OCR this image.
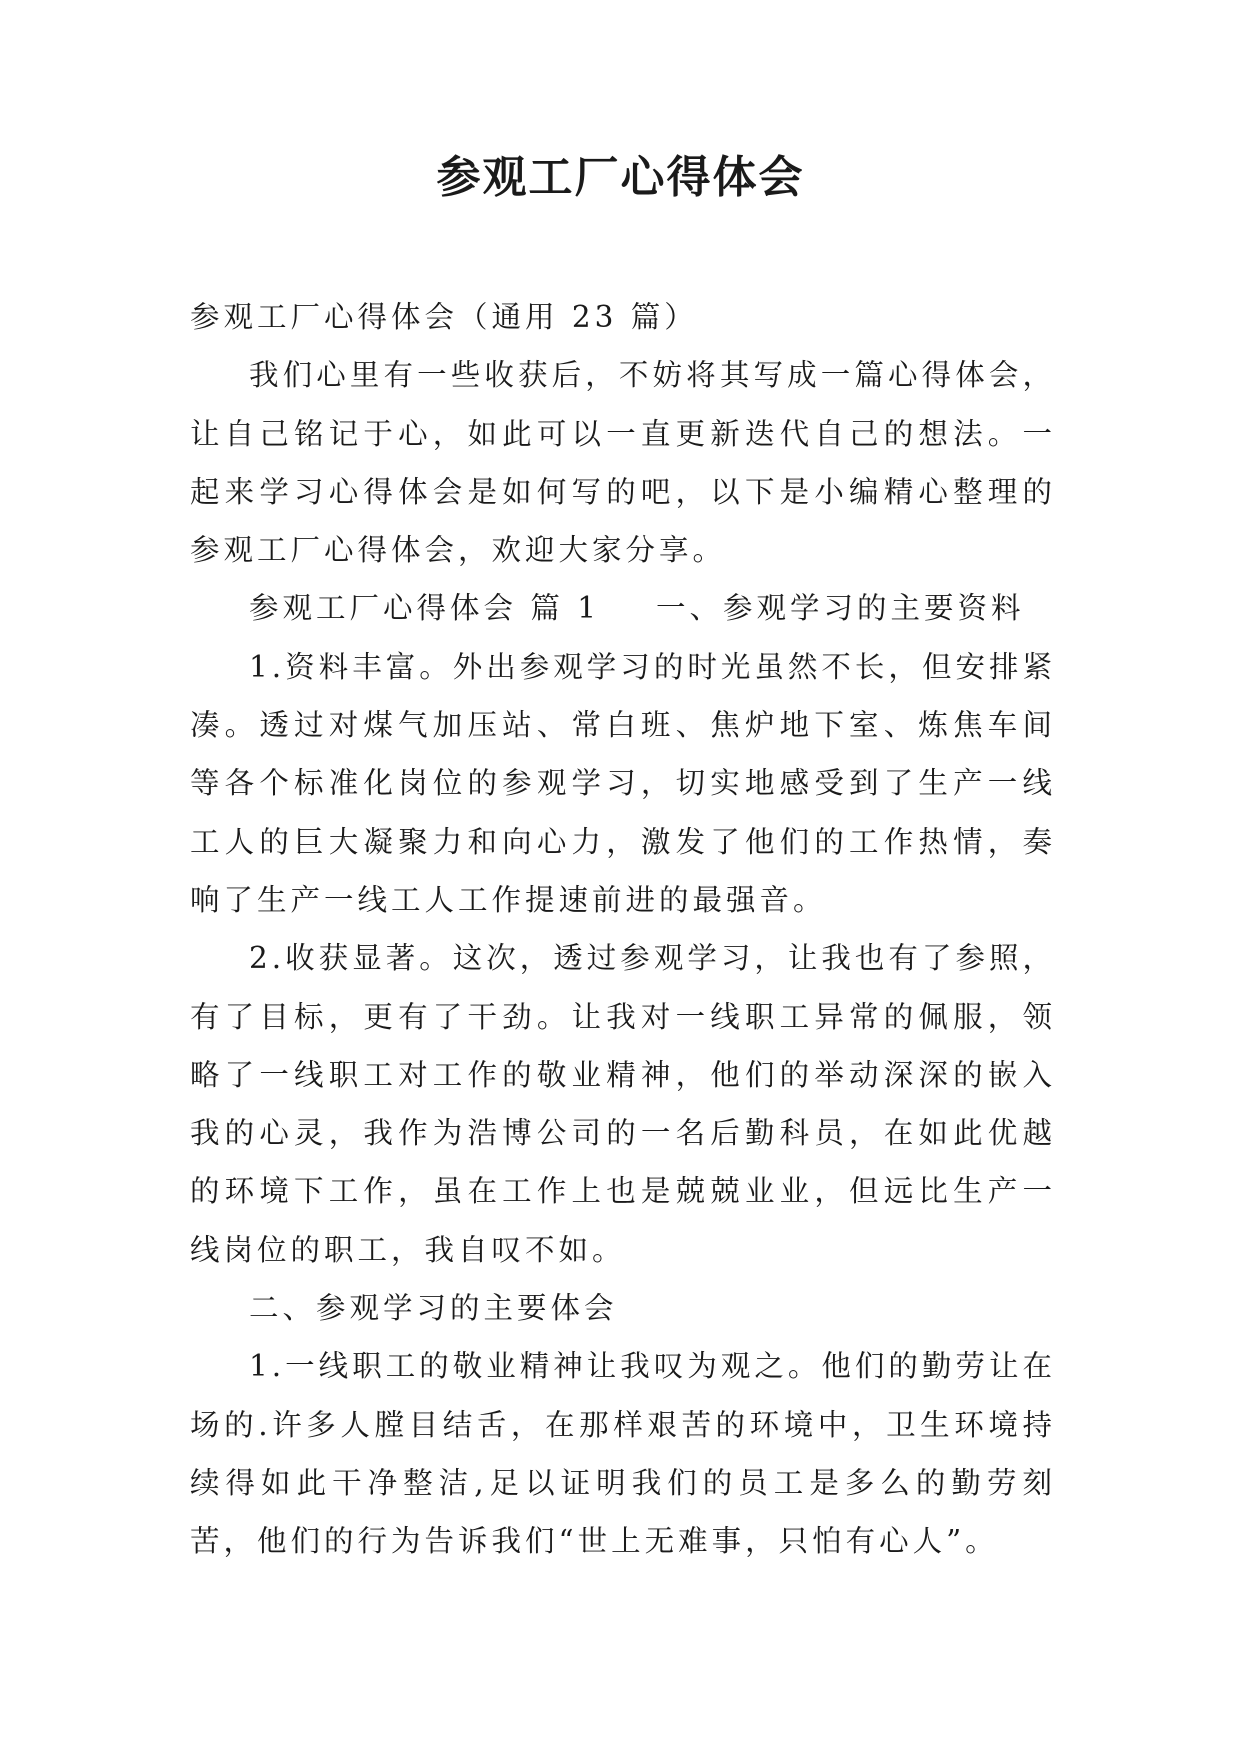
参观工厂心得体会

参观工厂心得体会（通用 23 篇）

我们心里有一些收获后，不妨将其写成一篇心得体会，让自己铭记于心，如此可以一直更新迭代自己的想法。一起来学习心得体会是如何写的吧，以下是小编精心整理的参观工厂心得体会，欢迎大家分享。

参观工厂心得体会 篇 1 一、参观学习的主要资料

1.资料丰富。外出参观学习的时光虽然不长，但安排紧凑。透过对煤气加压站、常白班、焦炉地下室、炼焦车间等各个标准化岗位的参观学习，切实地感受到了生产一线工人的巨大凝聚力和向心力，激发了他们的工作热情，奏响了生产一线工人工作提速前进的最强音。

2.收获显著。这次，透过参观学习，让我也有了参照，有了目标，更有了干劲。让我对一线职工异常的佩服，领略了一线职工对工作的敬业精神，他们的举动深深的嵌入我的心灵，我作为浩博公司的一名后勤科员，在如此优越的环境下工作，虽在工作上也是兢兢业业，但远比生产一线岗位的职工，我自叹不如。

二、参观学习的主要体会

1.一线职工的敬业精神让我叹为观之。他们的勤劳让在场的.许多人膛目结舌，在那样艰苦的环境中，卫生环境持续得如此干净整洁,足以证明我们的员工是多么的勤劳刻苦，他们的行为告诉我们“世上无难事，只怕有心人”。
